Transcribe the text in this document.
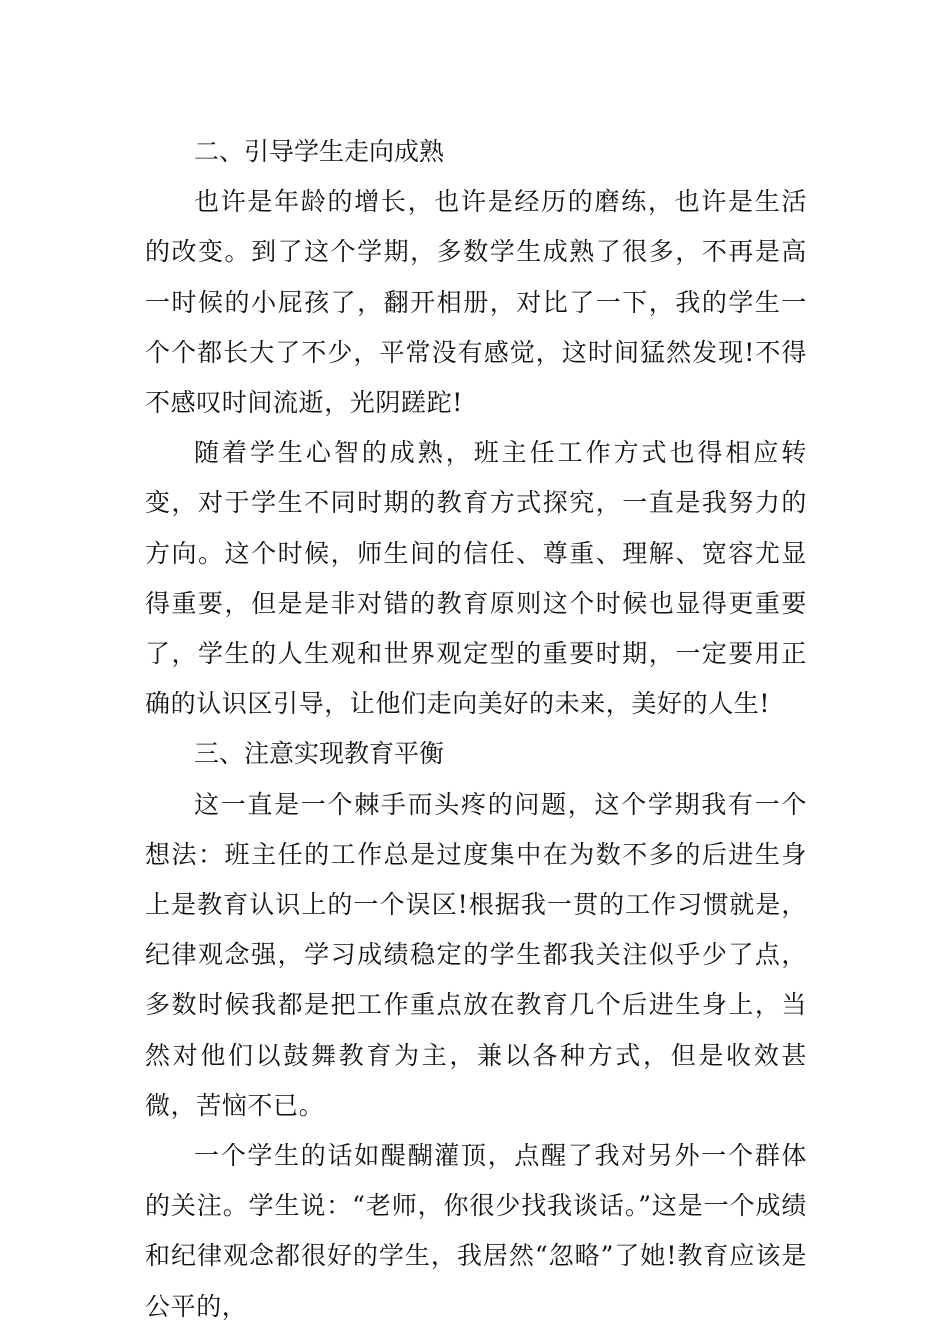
二、引导学生走向成熟

也许是年龄的增长，也许是经历的磨练，也许是生活的改变。到了这个学期，多数学生成熟了很多，不再是高一时候的小屁孩了，翻开相册，对比了一下，我的学生一个个都长大了不少，平常没有感觉，这时间猛然发现!不得不感叹时间流逝，光阴蹉跎!

随着学生心智的成熟，班主任工作方式也得相应转变，对于学生不同时期的教育方式探究，一直是我努力的方向。这个时候，师生间的信任、尊重、理解、宽容尤显得重要，但是是非对错的教育原则这个时候也显得更重要了，学生的人生观和世界观定型的重要时期，一定要用正确的认识区引导，让他们走向美好的未来，美好的人生!

三、注意实现教育平衡

这一直是一个棘手而头疼的问题，这个学期我有一个想法：班主任的工作总是过度集中在为数不多的后进生身上是教育认识上的一个误区!根据我一贯的工作习惯就是，纪律观念强，学习成绩稳定的学生都我关注似乎少了点，多数时候我都是把工作重点放在教育几个后进生身上，当然对他们以鼓舞教育为主，兼以各种方式，但是收效甚微，苦恼不已。

一个学生的话如醍醐灌顶，点醒了我对另外一个群体的关注。学生说：“老师，你很少找我谈话。”这是一个成绩和纪律观念都很好的学生，我居然“忽略”了她!教育应该是公平的，
